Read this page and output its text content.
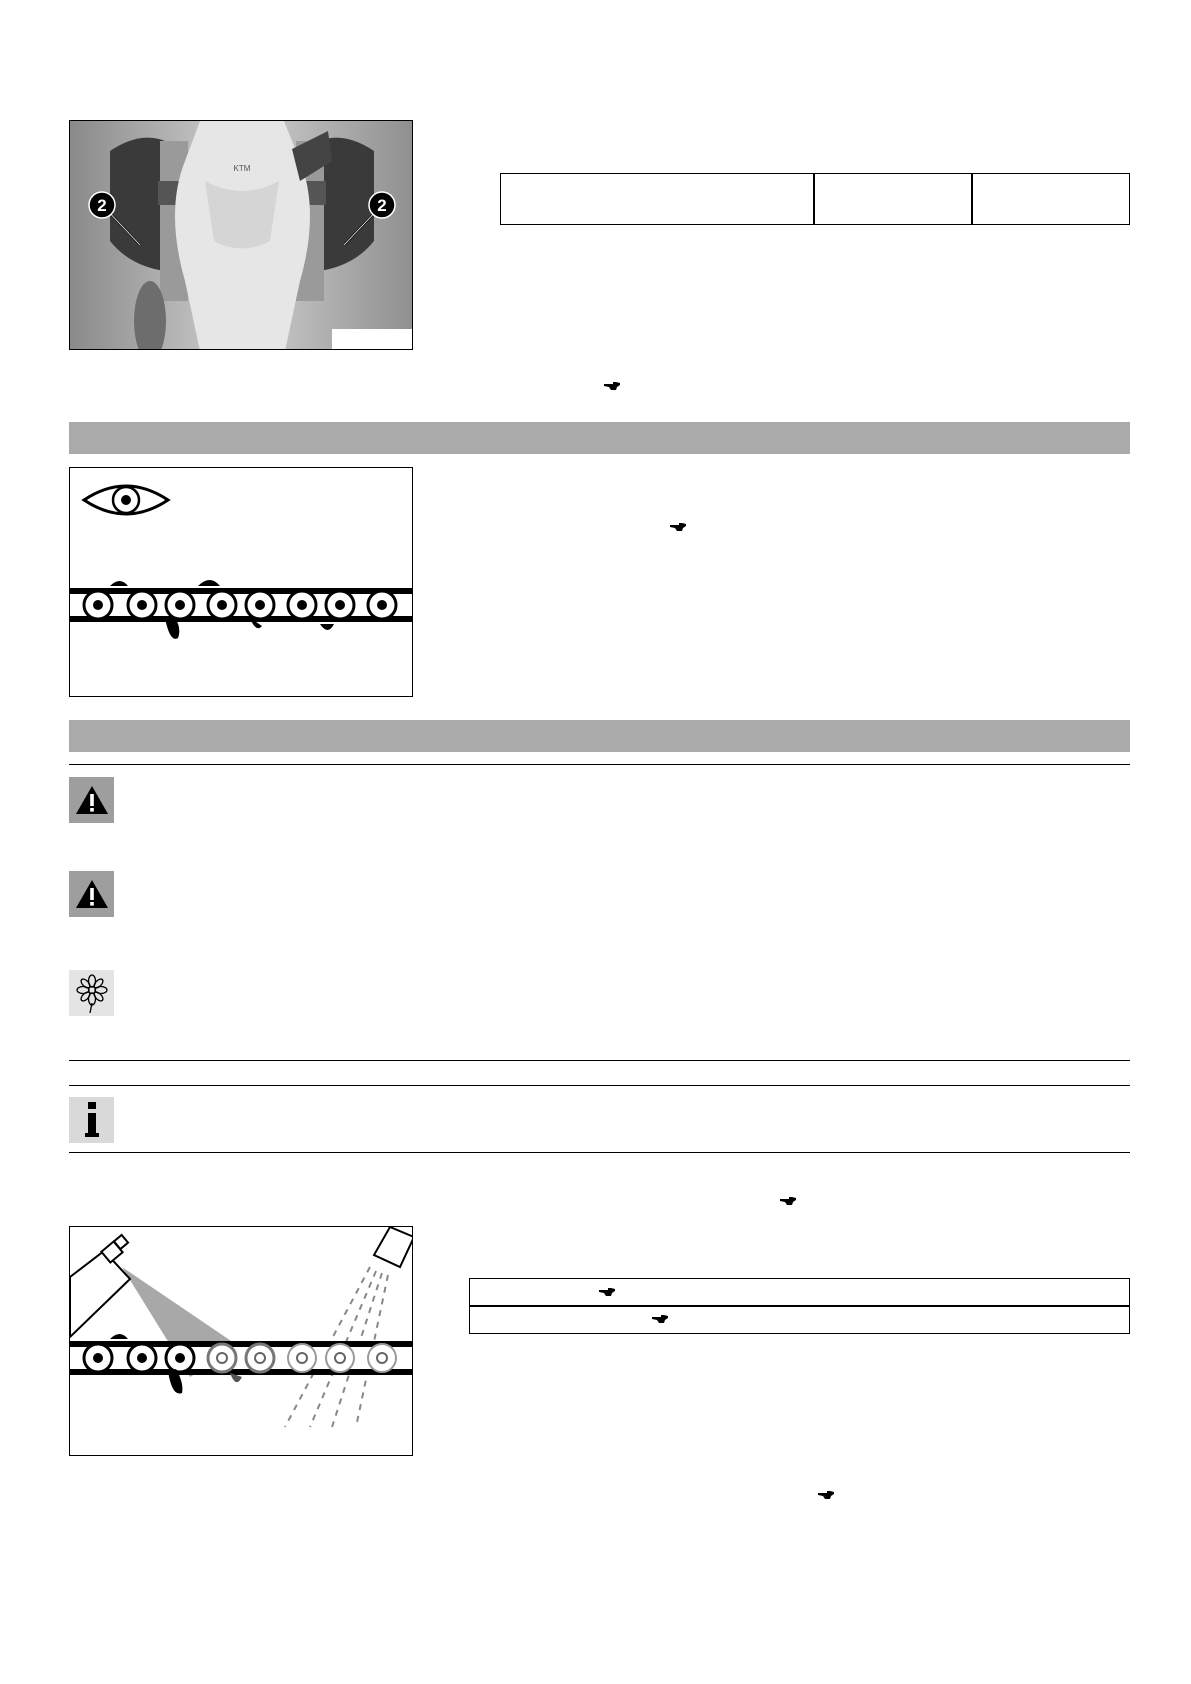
KTM
2	2
